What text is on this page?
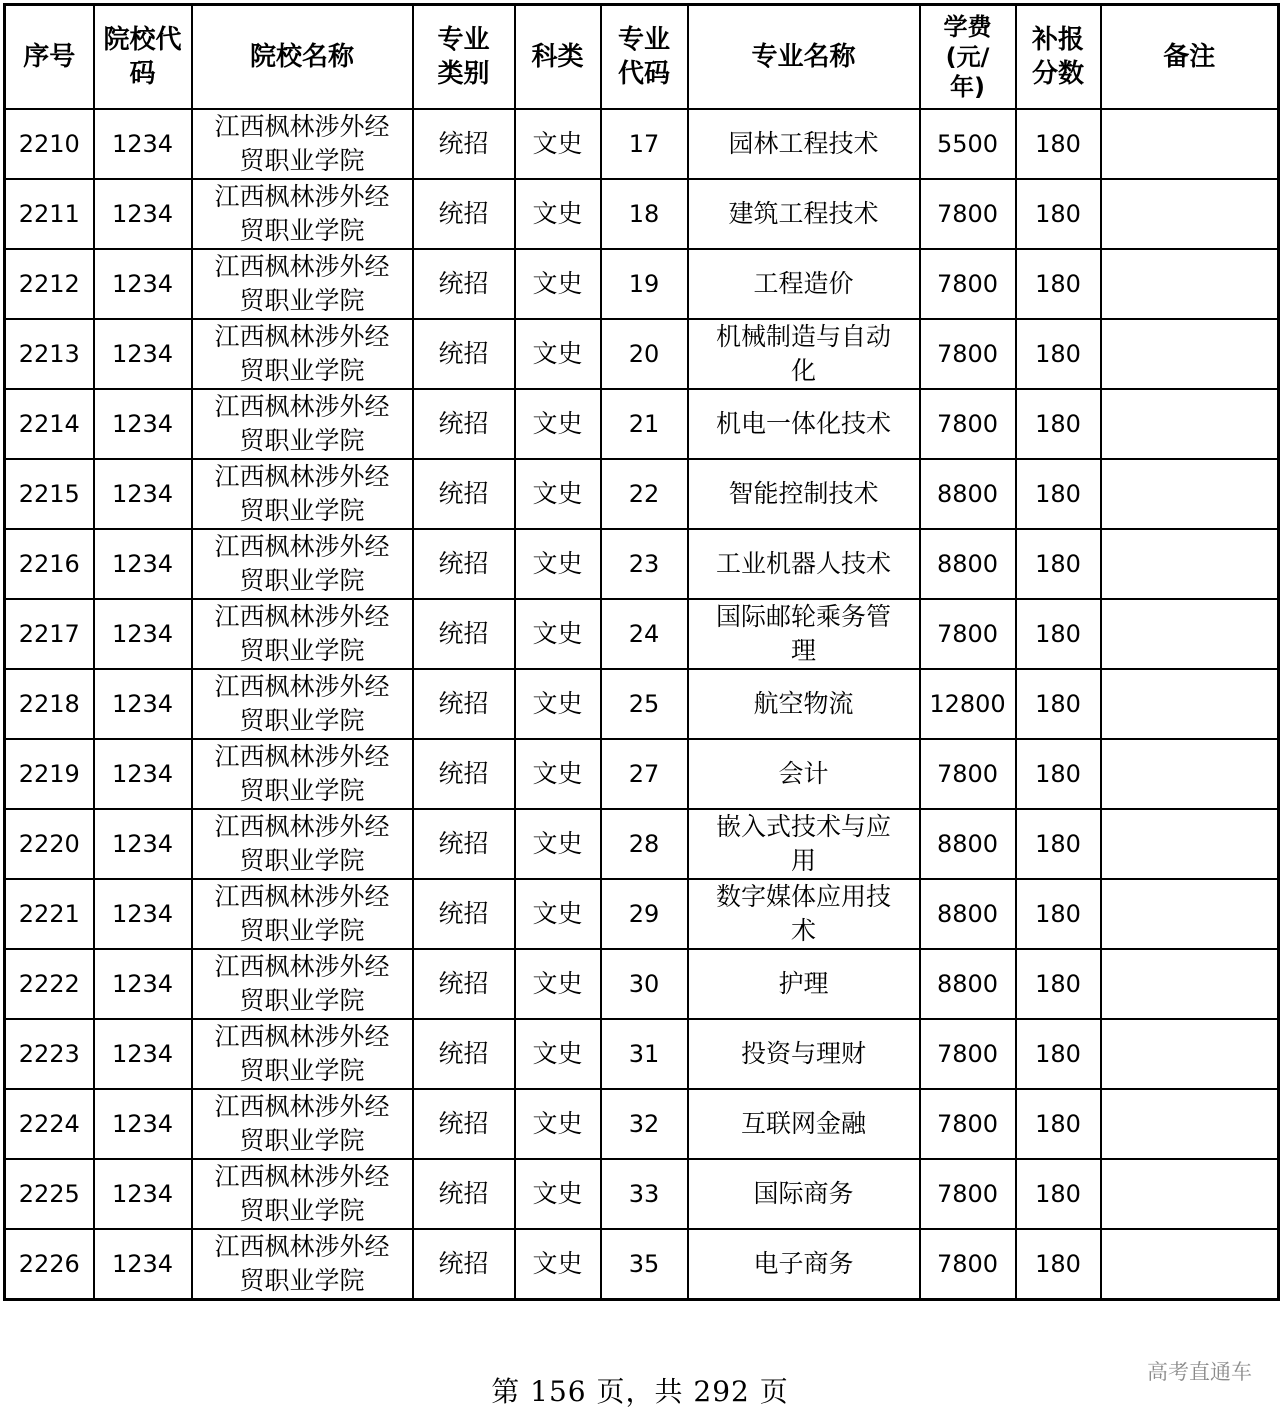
序号	院校代
码	院校名称	专业
类别	科类	专业
代码	专业名称	学费
(元/
年)	补报
分数	备注
2210	1234	江西枫林涉外经
贸职业学院	统招	文史	17	园林工程技术	5500	180	
2211	1234	江西枫林涉外经
贸职业学院	统招	文史	18	建筑工程技术	7800	180	
2212	1234	江西枫林涉外经
贸职业学院	统招	文史	19	工程造价	7800	180	
2213	1234	江西枫林涉外经
贸职业学院	统招	文史	20	机械制造与自动
化	7800	180	
2214	1234	江西枫林涉外经
贸职业学院	统招	文史	21	机电一体化技术	7800	180	
2215	1234	江西枫林涉外经
贸职业学院	统招	文史	22	智能控制技术	8800	180	
2216	1234	江西枫林涉外经
贸职业学院	统招	文史	23	工业机器人技术	8800	180	
2217	1234	江西枫林涉外经
贸职业学院	统招	文史	24	国际邮轮乘务管
理	7800	180	
2218	1234	江西枫林涉外经
贸职业学院	统招	文史	25	航空物流	12800	180	
2219	1234	江西枫林涉外经
贸职业学院	统招	文史	27	会计	7800	180	
2220	1234	江西枫林涉外经
贸职业学院	统招	文史	28	嵌入式技术与应
用	8800	180	
2221	1234	江西枫林涉外经
贸职业学院	统招	文史	29	数字媒体应用技
术	8800	180	
2222	1234	江西枫林涉外经
贸职业学院	统招	文史	30	护理	8800	180	
2223	1234	江西枫林涉外经
贸职业学院	统招	文史	31	投资与理财	7800	180	
2224	1234	江西枫林涉外经
贸职业学院	统招	文史	32	互联网金融	7800	180	
2225	1234	江西枫林涉外经
贸职业学院	统招	文史	33	国际商务	7800	180	
2226	1234	江西枫林涉外经
贸职业学院	统招	文史	35	电子商务	7800	180	
第 156 页，共 292 页
高考直通车
